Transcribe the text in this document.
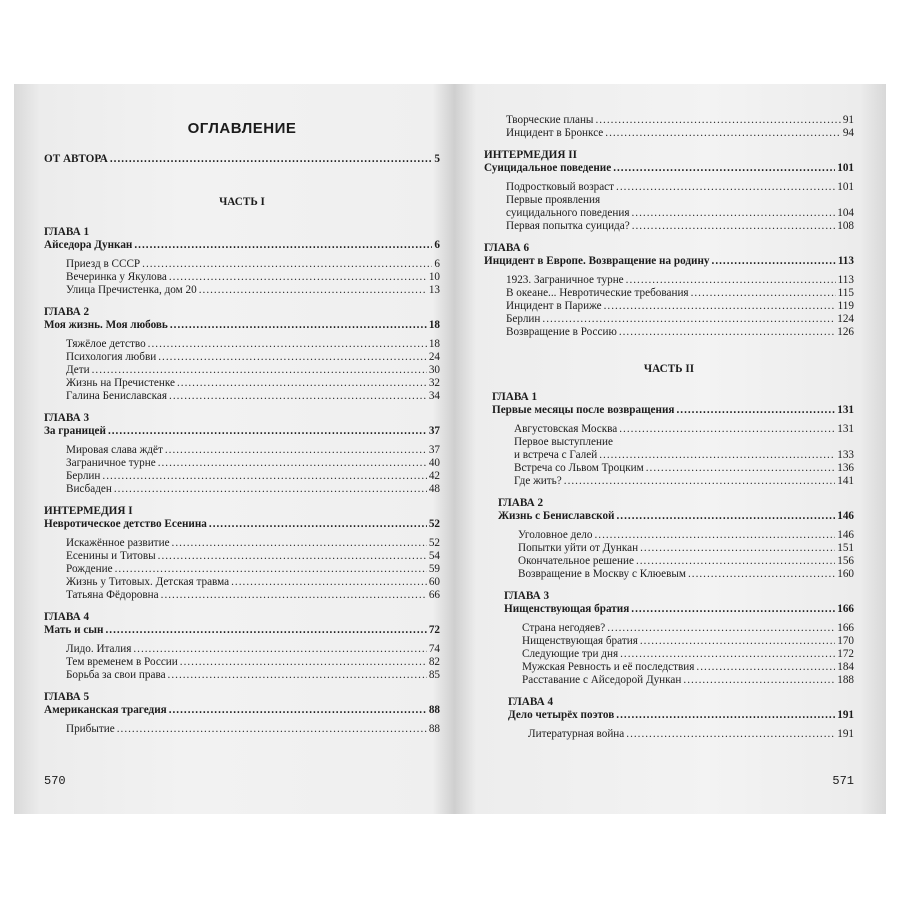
ОГЛАВЛЕНИЕ
ОТ АВТОРА .....	5
ЧАСТЬ I
ГЛАВА 1
Айседора Дункан .....	6
Приезд в СССР .....	6
Вечеринка у Якулова .....	10
Улица Пречистенка, дом 20 .....	13
ГЛАВА 2
Моя жизнь. Моя любовь .....	18
Тяжёлое детство .....	18
Психология любви .....	24
Дети .....	30
Жизнь на Пречистенке .....	32
Галина Бениславская .....	34
ГЛАВА 3
За границей .....	37
Мировая слава ждёт .....	37
Заграничное турне .....	40
Берлин .....	42
Висбаден .....	48
ИНТЕРМЕДИЯ I
Невротическое детство Есенина .....	52
Искажённое развитие .....	52
Есенины и Титовы .....	54
Рождение .....	59
Жизнь у Титовых. Детская травма .....	60
Татьяна Фёдоровна .....	66
ГЛАВА 4
Мать и сын .....	72
Лидо. Италия .....	74
Тем временем в России .....	82
Борьба за свои права .....	85
ГЛАВА 5
Американская трагедия .....	88
Прибытие .....	88
570
Творческие планы .....	91
Инцидент в Бронксе .....	94
ИНТЕРМЕДИЯ II
Суицидальное поведение .....	101
Подростковый возраст .....	101
Первые проявления
суицидального поведения .....	104
Первая попытка суицида? .....	108
ГЛАВА 6
Инцидент в Европе. Возвращение на родину .....	113
1923. Заграничное турне .....	113
В океане... Невротические требования .....	115
Инцидент в Париже .....	119
Берлин .....	124
Возвращение в Россию .....	126
ЧАСТЬ II
ГЛАВА 1
Первые месяцы после возвращения .....	131
Августовская Москва .....	131
Первое выступление
и встреча с Галей .....	133
Встреча со Львом Троцким .....	136
Где жить? .....	141
ГЛАВА 2
Жизнь с Бениславской .....	146
Уголовное дело .....	146
Попытки уйти от Дункан .....	151
Окончательное решение .....	156
Возвращение в Москву с Клюевым .....	160
ГЛАВА 3
Нищенствующая братия .....	166
Страна негодяев? .....	166
Нищенствующая братия .....	170
Следующие три дня .....	172
Мужская Ревность и её последствия .....	184
Расставание с Айседорой Дункан .....	188
ГЛАВА 4
Дело четырёх поэтов .....	191
Литературная война .....	191
571
